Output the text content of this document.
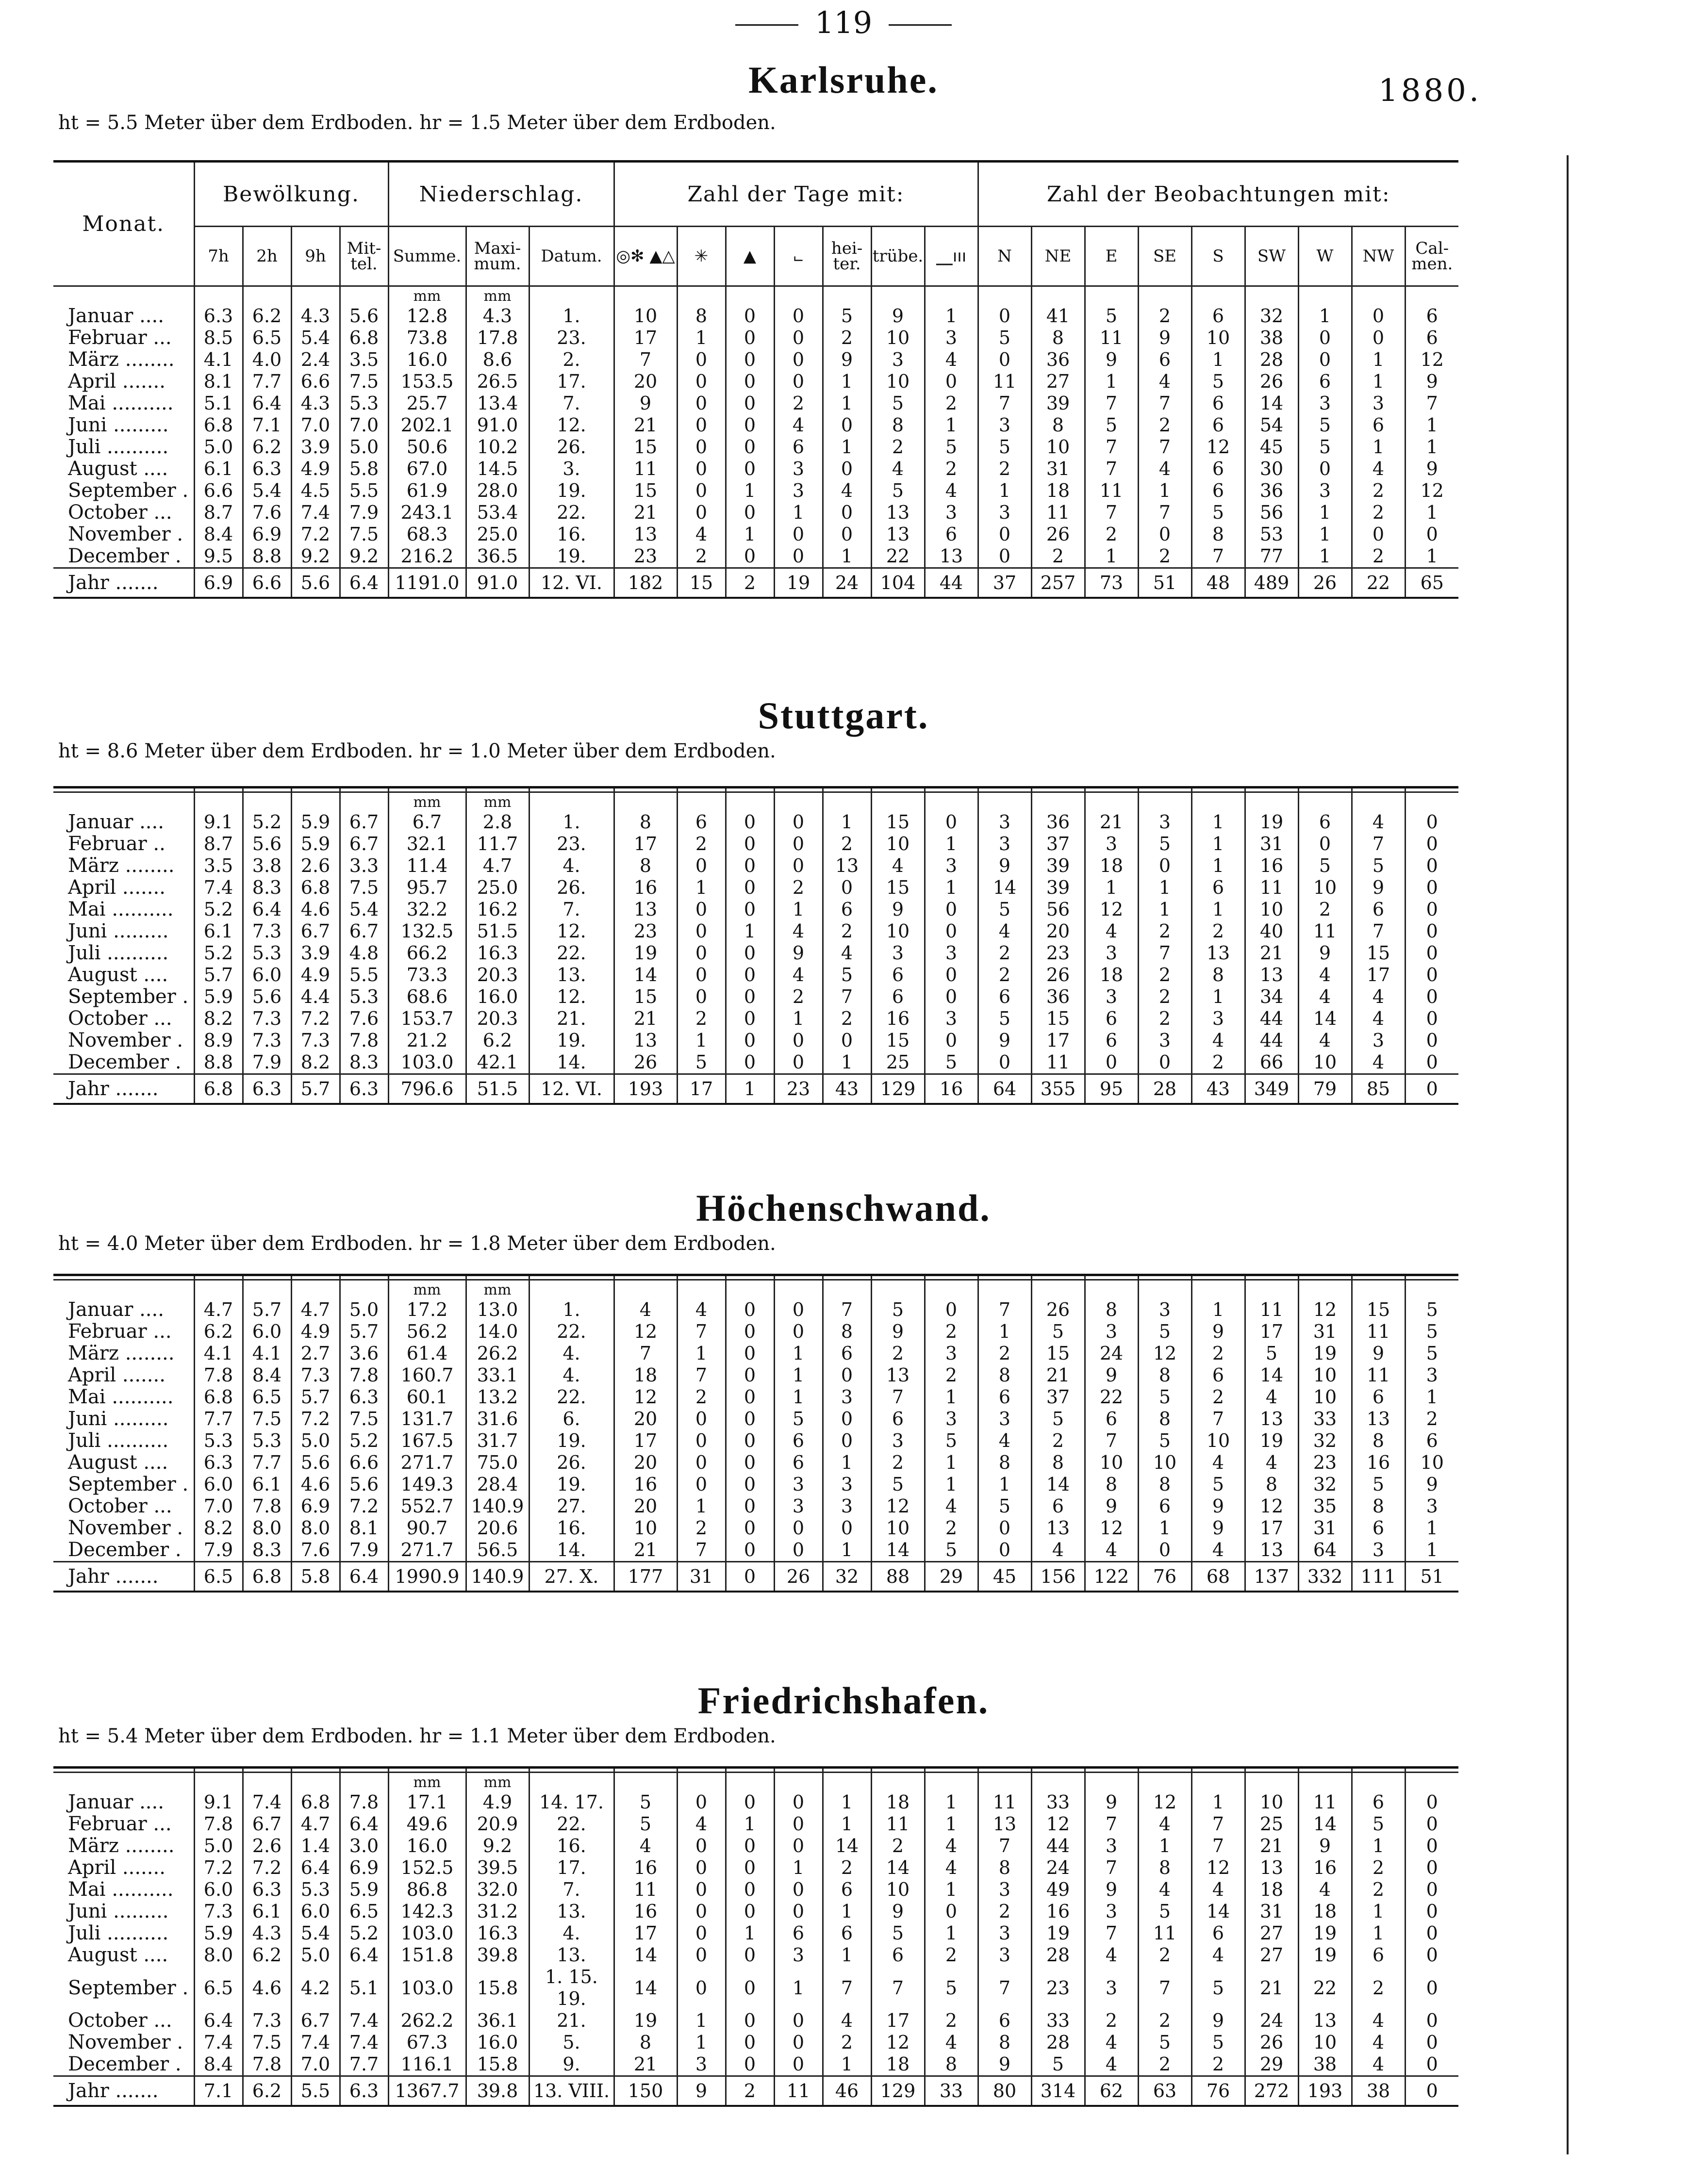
119
1880.
Karlsruhe.
ht = 5.5 Meter über dem Erdboden. hr = 1.5 Meter über dem Erdboden.
Monat.	Bewölkung.				Niederschlag.			Zahl der Tage mit:							Zahl der Beobachtungen mit:								
	7h	2h	9h	Mit-tel.	Summe.	Maxi-mum.	Datum.	◎✻ ▲△	✳	▲	⨽	hei-ter.	trübe.	⎽ııı	N	NE	E	SE	S	SW	W	NW	Cal-men.
					mm	mm																	
Januar ....	6.3	6.2	4.3	5.6	12.8	4.3	1.	10	8	0	0	5	9	1	0	41	5	2	6	32	1	0	6
Februar ...	8.5	6.5	5.4	6.8	73.8	17.8	23.	17	1	0	0	2	10	3	5	8	11	9	10	38	0	0	6
März ........	4.1	4.0	2.4	3.5	16.0	8.6	2.	7	0	0	0	9	3	4	0	36	9	6	1	28	0	1	12
April .......	8.1	7.7	6.6	7.5	153.5	26.5	17.	20	0	0	0	1	10	0	11	27	1	4	5	26	6	1	9
Mai ..........	5.1	6.4	4.3	5.3	25.7	13.4	7.	9	0	0	2	1	5	2	7	39	7	7	6	14	3	3	7
Juni .........	6.8	7.1	7.0	7.0	202.1	91.0	12.	21	0	0	4	0	8	1	3	8	5	2	6	54	5	6	1
Juli ..........	5.0	6.2	3.9	5.0	50.6	10.2	26.	15	0	0	6	1	2	5	5	10	7	7	12	45	5	1	1
August ....	6.1	6.3	4.9	5.8	67.0	14.5	3.	11	0	0	3	0	4	2	2	31	7	4	6	30	0	4	9
September .	6.6	5.4	4.5	5.5	61.9	28.0	19.	15	0	1	3	4	5	4	1	18	11	1	6	36	3	2	12
October ...	8.7	7.6	7.4	7.9	243.1	53.4	22.	21	0	0	1	0	13	3	3	11	7	7	5	56	1	2	1
November .	8.4	6.9	7.2	7.5	68.3	25.0	16.	13	4	1	0	0	13	6	0	26	2	0	8	53	1	0	0
December .	9.5	8.8	9.2	9.2	216.2	36.5	19.	23	2	0	0	1	22	13	0	2	1	2	7	77	1	2	1
Jahr .......	6.9	6.6	5.6	6.4	1191.0	91.0	12. VI.	182	15	2	19	24	104	44	37	257	73	51	48	489	26	22	65
Stuttgart.
ht = 8.6 Meter über dem Erdboden. hr = 1.0 Meter über dem Erdboden.

					mm	mm																	
Januar ....	9.1	5.2	5.9	6.7	6.7	2.8	1.	8	6	0	0	1	15	0	3	36	21	3	1	19	6	4	0
Februar ..	8.7	5.6	5.9	6.7	32.1	11.7	23.	17	2	0	0	2	10	1	3	37	3	5	1	31	0	7	0
März ........	3.5	3.8	2.6	3.3	11.4	4.7	4.	8	0	0	0	13	4	3	9	39	18	0	1	16	5	5	0
April .......	7.4	8.3	6.8	7.5	95.7	25.0	26.	16	1	0	2	0	15	1	14	39	1	1	6	11	10	9	0
Mai ..........	5.2	6.4	4.6	5.4	32.2	16.2	7.	13	0	0	1	6	9	0	5	56	12	1	1	10	2	6	0
Juni .........	6.1	7.3	6.7	6.7	132.5	51.5	12.	23	0	1	4	2	10	0	4	20	4	2	2	40	11	7	0
Juli ..........	5.2	5.3	3.9	4.8	66.2	16.3	22.	19	0	0	9	4	3	3	2	23	3	7	13	21	9	15	0
August ....	5.7	6.0	4.9	5.5	73.3	20.3	13.	14	0	0	4	5	6	0	2	26	18	2	8	13	4	17	0
September .	5.9	5.6	4.4	5.3	68.6	16.0	12.	15	0	0	2	7	6	0	6	36	3	2	1	34	4	4	0
October ...	8.2	7.3	7.2	7.6	153.7	20.3	21.	21	2	0	1	2	16	3	5	15	6	2	3	44	14	4	0
November .	8.9	7.3	7.3	7.8	21.2	6.2	19.	13	1	0	0	0	15	0	9	17	6	3	4	44	4	3	0
December .	8.8	7.9	8.2	8.3	103.0	42.1	14.	26	5	0	0	1	25	5	0	11	0	0	2	66	10	4	0
Jahr .......	6.8	6.3	5.7	6.3	796.6	51.5	12. VI.	193	17	1	23	43	129	16	64	355	95	28	43	349	79	85	0
Höchenschwand.
ht = 4.0 Meter über dem Erdboden. hr = 1.8 Meter über dem Erdboden.

					mm	mm																	
Januar ....	4.7	5.7	4.7	5.0	17.2	13.0	1.	4	4	0	0	7	5	0	7	26	8	3	1	11	12	15	5
Februar ...	6.2	6.0	4.9	5.7	56.2	14.0	22.	12	7	0	0	8	9	2	1	5	3	5	9	17	31	11	5
März ........	4.1	4.1	2.7	3.6	61.4	26.2	4.	7	1	0	1	6	2	3	2	15	24	12	2	5	19	9	5
April .......	7.8	8.4	7.3	7.8	160.7	33.1	4.	18	7	0	1	0	13	2	8	21	9	8	6	14	10	11	3
Mai ..........	6.8	6.5	5.7	6.3	60.1	13.2	22.	12	2	0	1	3	7	1	6	37	22	5	2	4	10	6	1
Juni .........	7.7	7.5	7.2	7.5	131.7	31.6	6.	20	0	0	5	0	6	3	3	5	6	8	7	13	33	13	2
Juli ..........	5.3	5.3	5.0	5.2	167.5	31.7	19.	17	0	0	6	0	3	5	4	2	7	5	10	19	32	8	6
August ....	6.3	7.7	5.6	6.6	271.7	75.0	26.	20	0	0	6	1	2	1	8	8	10	10	4	4	23	16	10
September .	6.0	6.1	4.6	5.6	149.3	28.4	19.	16	0	0	3	3	5	1	1	14	8	8	5	8	32	5	9
October ...	7.0	7.8	6.9	7.2	552.7	140.9	27.	20	1	0	3	3	12	4	5	6	9	6	9	12	35	8	3
November .	8.2	8.0	8.0	8.1	90.7	20.6	16.	10	2	0	0	0	10	2	0	13	12	1	9	17	31	6	1
December .	7.9	8.3	7.6	7.9	271.7	56.5	14.	21	7	0	0	1	14	5	0	4	4	0	4	13	64	3	1
Jahr .......	6.5	6.8	5.8	6.4	1990.9	140.9	27. X.	177	31	0	26	32	88	29	45	156	122	76	68	137	332	111	51
Friedrichshafen.
ht = 5.4 Meter über dem Erdboden. hr = 1.1 Meter über dem Erdboden.

					mm	mm																	
Januar ....	9.1	7.4	6.8	7.8	17.1	4.9	14. 17.	5	0	0	0	1	18	1	11	33	9	12	1	10	11	6	0
Februar ...	7.8	6.7	4.7	6.4	49.6	20.9	22.	5	4	1	0	1	11	1	13	12	7	4	7	25	14	5	0
März ........	5.0	2.6	1.4	3.0	16.0	9.2	16.	4	0	0	0	14	2	4	7	44	3	1	7	21	9	1	0
April .......	7.2	7.2	6.4	6.9	152.5	39.5	17.	16	0	0	1	2	14	4	8	24	7	8	12	13	16	2	0
Mai ..........	6.0	6.3	5.3	5.9	86.8	32.0	7.	11	0	0	0	6	10	1	3	49	9	4	4	18	4	2	0
Juni .........	7.3	6.1	6.0	6.5	142.3	31.2	13.	16	0	0	0	1	9	0	2	16	3	5	14	31	18	1	0
Juli ..........	5.9	4.3	5.4	5.2	103.0	16.3	4.	17	0	1	6	6	5	1	3	19	7	11	6	27	19	1	0
August ....	8.0	6.2	5.0	6.4	151.8	39.8	13.	14	0	0	3	1	6	2	3	28	4	2	4	27	19	6	0
September .	6.5	4.6	4.2	5.1	103.0	15.8	1. 15. 19.	14	0	0	1	7	7	5	7	23	3	7	5	21	22	2	0
October ...	6.4	7.3	6.7	7.4	262.2	36.1	21.	19	1	0	0	4	17	2	6	33	2	2	9	24	13	4	0
November .	7.4	7.5	7.4	7.4	67.3	16.0	5.	8	1	0	0	2	12	4	8	28	4	5	5	26	10	4	0
December .	8.4	7.8	7.0	7.7	116.1	15.8	9.	21	3	0	0	1	18	8	9	5	4	2	2	29	38	4	0
Jahr .......	7.1	6.2	5.5	6.3	1367.7	39.8	13. VIII.	150	9	2	11	46	129	33	80	314	62	63	76	272	193	38	0
